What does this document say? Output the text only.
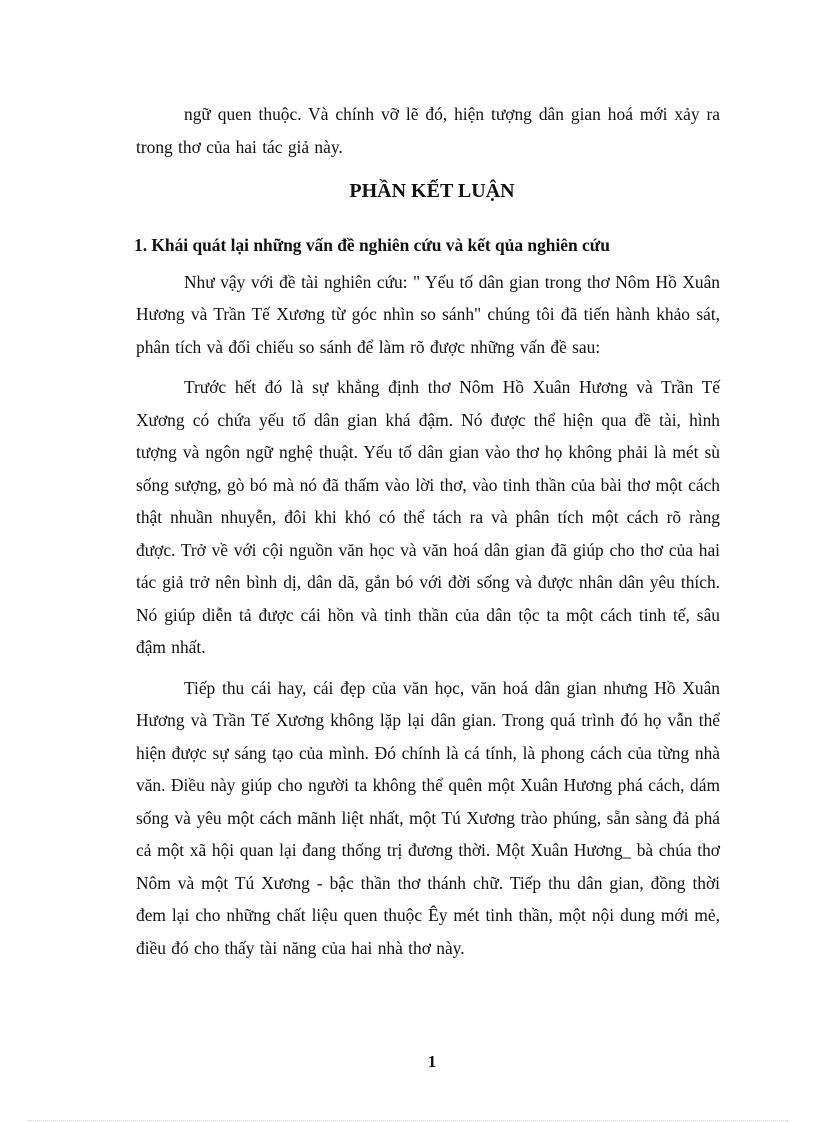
ngữ quen thuộc. Và chính vỡ lẽ đó, hiện tượng dân gian hoá mới xảy ra trong thơ của hai tác giả này.

PHẦN KẾT LUẬN
1. Khái quát lại những vấn đề nghiên cứu và kết qủa nghiên cứu

Như vậy với đề tài nghiên cứu: " Yếu tố dân gian trong thơ Nôm Hồ Xuân Hương và Trần Tế Xương từ góc nhìn so sánh" chúng tôi đã tiến hành khảo sát, phân tích và đối chiếu so sánh để làm rõ được những vấn đề sau:

Trước hết đó là sự khẳng định thơ Nôm Hồ Xuân Hương và Trần Tế Xương có chứa yếu tố dân gian khá đậm. Nó được thể hiện qua đề tài, hình tượng và ngôn ngữ nghệ thuật. Yếu tố dân gian vào thơ họ không phải là mét sù sống sượng, gò bó mà nó đã thấm vào lời thơ, vào tinh thần của bài thơ một cách thật nhuần nhuyễn, đôi khi khó có thể tách ra và phân tích một cách rõ ràng được. Trở về với cội nguồn văn học và văn hoá dân gian đã giúp cho thơ của hai tác giả trở nên bình dị, dân dã, gắn bó với đời sống và được nhân dân yêu thích. Nó giúp diễn tả được cái hồn và tinh thần của dân tộc ta một cách tinh tế, sâu đậm nhất.

Tiếp thu cái hay, cái đẹp của văn học, văn hoá dân gian nhưng Hồ Xuân Hương và Trần Tế Xương không lặp lại dân gian. Trong quá trình đó họ vẫn thể hiện được sự sáng tạo của mình. Đó chính là cá tính, là phong cách của từng nhà văn. Điều này giúp cho người ta không thể quên một Xuân Hương phá cách, dám sống và yêu một cách mãnh liệt nhất, một Tú Xương trào phúng, sẵn sàng đả phá cả một xã hội quan lại đang thống trị đương thời. Một Xuân Hương_ bà chúa thơ Nôm và một Tú Xương - bậc thần thơ thánh chữ. Tiếp thu dân gian, đồng thời đem lại cho những chất liệu quen thuộc Êy mét tinh thần, một nội dung mới mẻ, điều đó cho thấy tài năng của hai nhà thơ này.

1
